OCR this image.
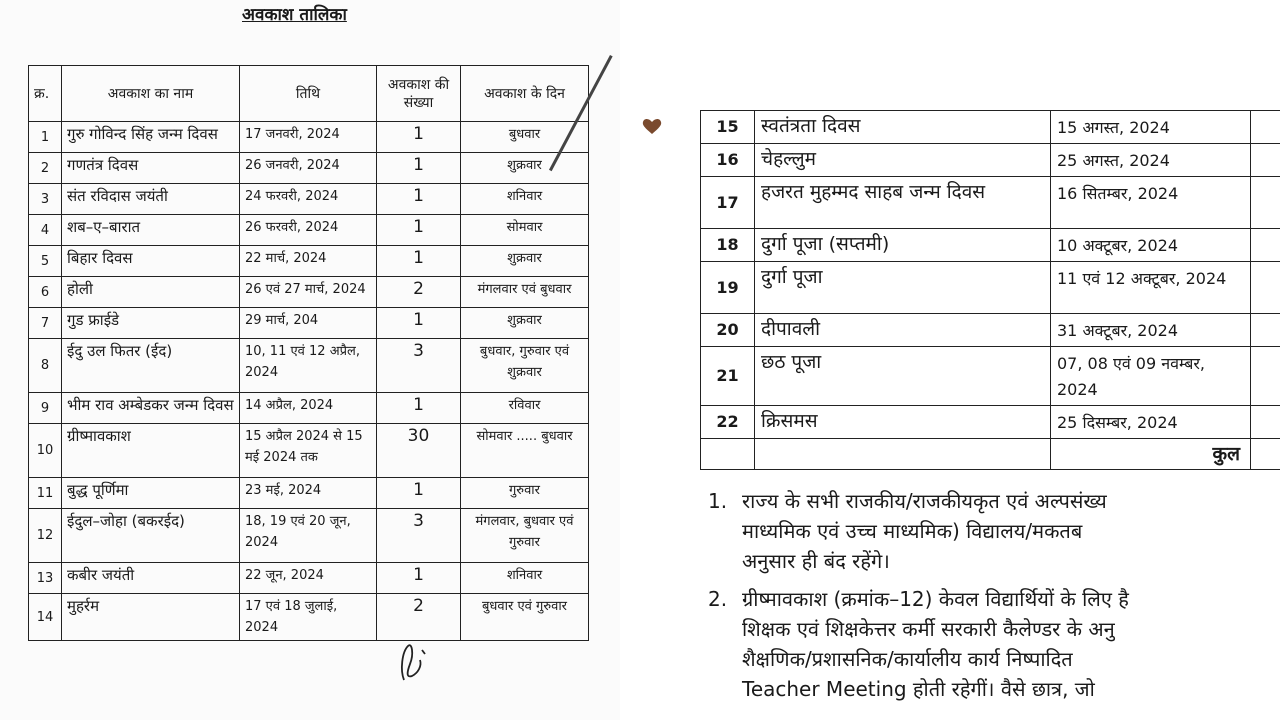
अवकाश तालिका
क्र.	अवकाश का नाम	तिथि	अवकाश की संख्या	अवकाश के दिन
1	गुरु गोविन्द सिंह जन्म दिवस	17 जनवरी, 2024	1	बुधवार
2	गणतंत्र दिवस	26 जनवरी, 2024	1	शुक्रवार
3	संत रविदास जयंती	24 फरवरी, 2024	1	शनिवार
4	शब–ए–बारात	26 फरवरी, 2024	1	सोमवार
5	बिहार दिवस	22 मार्च, 2024	1	शुक्रवार
6	होली	26 एवं 27 मार्च, 2024	2	मंगलवार एवं बुधवार
7	गुड फ्राईडे	29 मार्च, 204	1	शुक्रवार
8	ईदु उल फितर (ईद)	10, 11 एवं 12 अप्रैल, 2024	3	बुधवार, गुरुवार एवं शुक्रवार
9	भीम राव अम्बेडकर जन्म दिवस	14 अप्रैल, 2024	1	रविवार
10	ग्रीष्मावकाश	15 अप्रैल 2024 से 15 मई 2024 तक	30	सोमवार ..... बुधवार
11	बुद्ध पूर्णिमा	23 मई, 2024	1	गुरुवार
12	ईदुल–जोहा (बकरईद)	18, 19 एवं 20 जून, 2024	3	मंगलवार, बुधवार एवं गुरुवार
13	कबीर जयंती	22 जून, 2024	1	शनिवार
14	मुहर्रम	17 एवं 18 जुलाई, 2024	2	बुधवार एवं गुरुवार
15	स्वतंत्रता दिवस	15 अगस्त, 2024	
16	चेहल्लुम	25 अगस्त, 2024	
17	हजरत मुहम्मद साहब जन्म दिवस	16 सितम्बर, 2024	
18	दुर्गा पूजा (सप्तमी)	10 अक्टूबर, 2024	
19	दुर्गा पूजा	11 एवं 12 अक्टूबर, 2024	
20	दीपावली	31 अक्टूबर, 2024	
21	छठ पूजा	07, 08 एवं 09 नवम्बर, 2024	
22	क्रिसमस	25 दिसम्बर, 2024	
		कुल	
1. राज्य के सभी राजकीय/राजकीयकृत एवं अल्पसंख्य
माध्यमिक एवं उच्च माध्यमिक) विद्यालय/मकतब
अनुसार ही बंद रहेंगे।
2. ग्रीष्मावकाश (क्रमांक–12) केवल विद्यार्थियों के लिए है
शिक्षक एवं शिक्षकेत्तर कर्मी सरकारी कैलेण्डर के अनु
शैक्षणिक/प्रशासनिक/कार्यालीय कार्य निष्पादित
Teacher Meeting होती रहेगीं। वैसे छात्र, जो
